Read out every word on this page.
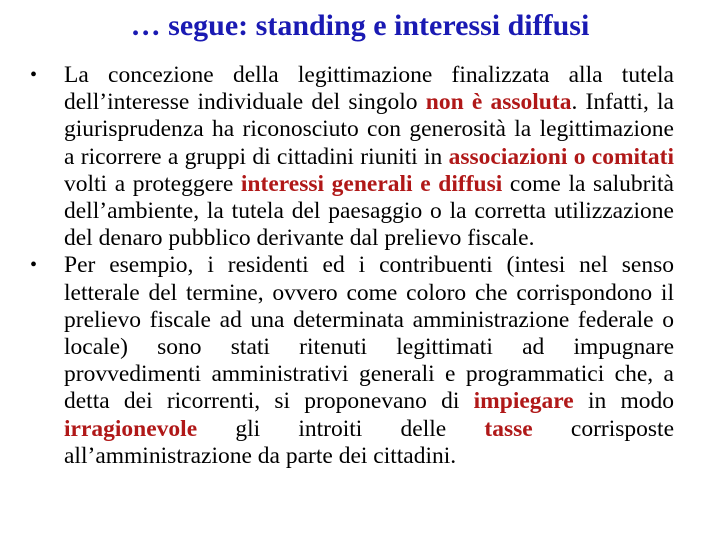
… segue: standing e interessi diffusi
• La concezione della legittimazione finalizzata alla tutela dell’interesse individuale del singolo non è assoluta. Infatti, la giurisprudenza ha riconosciuto con generosità la legittimazione a ricorrere a gruppi di cittadini riuniti in associazioni o comitati volti a proteggere interessi generali e diffusi come la salubrità dell’ambiente, la tutela del paesaggio o la corretta utilizzazione del denaro pubblico derivante dal prelievo fiscale.
• Per esempio, i residenti ed i contribuenti (intesi nel senso letterale del termine, ovvero come coloro che corrispondono il prelievo fiscale ad una determinata amministrazione federale o locale) sono stati ritenuti legittimati ad impugnare provvedimenti amministrativi generali e programmatici che, a detta dei ricorrenti, si proponevano di impiegare in modo irragionevole gli introiti delle tasse corrisposte all’amministrazione da parte dei cittadini.
